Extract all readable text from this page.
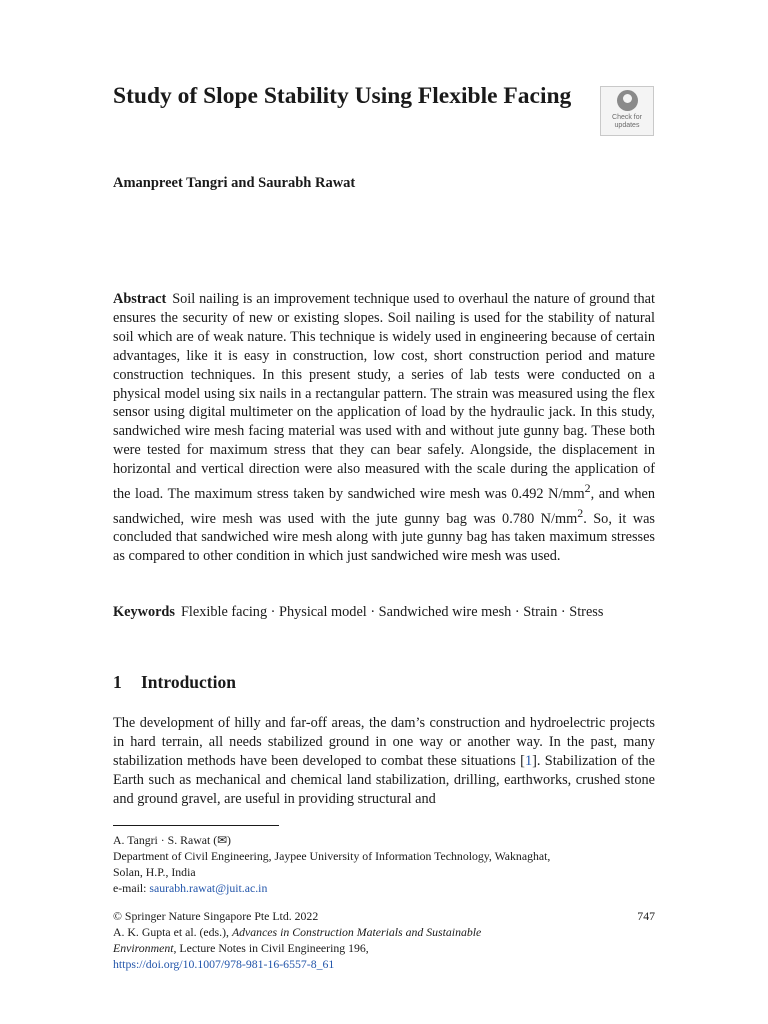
Study of Slope Stability Using Flexible Facing
Check for updates
Amanpreet Tangri and Saurabh Rawat

Abstract Soil nailing is an improvement technique used to overhaul the nature of ground that ensures the security of new or existing slopes. Soil nailing is used for the stability of natural soil which are of weak nature. This technique is widely used in engineering because of certain advantages, like it is easy in construction, low cost, short construction period and mature construction techniques. In this present study, a series of lab tests were conducted on a physical model using six nails in a rectangular pattern. The strain was measured using the flex sensor using digital multimeter on the application of load by the hydraulic jack. In this study, sandwiched wire mesh facing material was used with and without jute gunny bag. These both were tested for maximum stress that they can bear safely. Alongside, the displacement in horizontal and vertical direction were also measured with the scale during the application of the load. The maximum stress taken by sandwiched wire mesh was 0.492 $N/mm^2$, and when sandwiched, wire mesh was used with the jute gunny bag was 0.780 $N/mm^2$. So, it was concluded that sandwiched wire mesh along with jute gunny bag has taken maximum stresses as compared to other condition in which just sandwiched wire mesh was used.

Keywords Flexible facing · Physical model · Sandwiched wire mesh · Strain · Stress

1 Introduction

The development of hilly and far-off areas, the dam’s construction and hydroelectric projects in hard terrain, all needs stabilized ground in one way or another way. In the past, many stabilization methods have been developed to combat these situations [1]. Stabilization of the Earth such as mechanical and chemical land stabilization, drilling, earthworks, crushed stone and ground gravel, are useful in providing structural and

A. Tangri · S. Rawat (✉)
Department of Civil Engineering, Jaypee University of Information Technology, Waknaghat,
Solan, H.P., India
e-mail: saurabh.rawat@juit.ac.in
© Springer Nature Singapore Pte Ltd. 2022	747
A. K. Gupta et al. (eds.), Advances in Construction Materials and Sustainable
Environment, Lecture Notes in Civil Engineering 196,
https://doi.org/10.1007/978-981-16-6557-8_61
